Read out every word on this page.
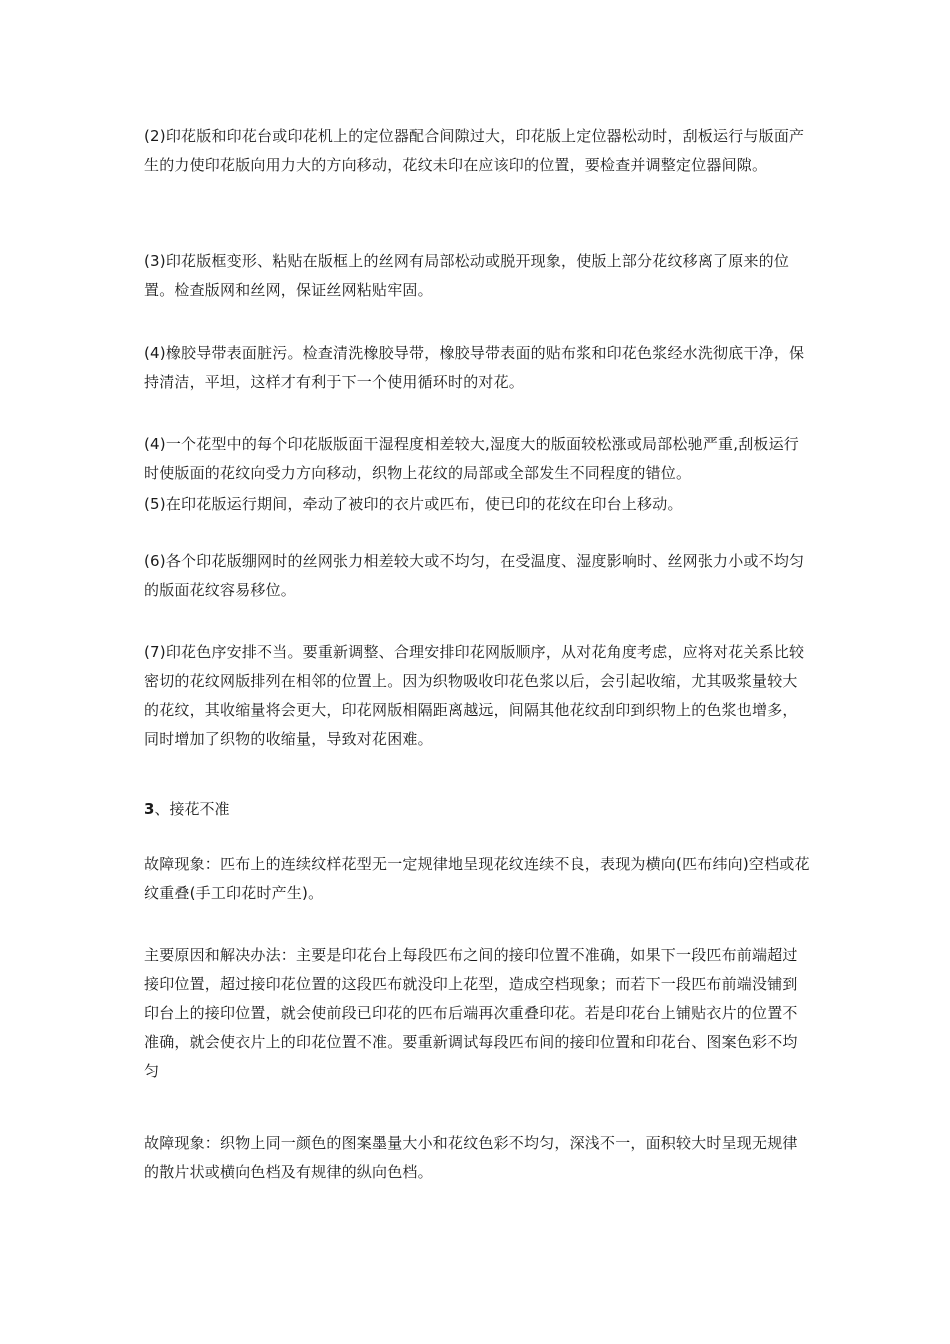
(2)印花版和印花台或印花机上的定位器配合间隙过大，印花版上定位器松动时，刮板运行与版面产生的力使印花版向用力大的方向移动，花纹未印在应该印的位置，要检查并调整定位器间隙。

(3)印花版框变形、粘贴在版框上的丝网有局部松动或脱开现象，使版上部分花纹移离了原来的位置。检查版网和丝网，保证丝网粘贴牢固。

(4)橡胶导带表面脏污。检查清洗橡胶导带，橡胶导带表面的贴布浆和印花色浆经水洗彻底干净，保持清洁，平坦，这样才有利于下一个使用循环时的对花。

(4)一个花型中的每个印花版版面干湿程度相差较大,湿度大的版面较松涨或局部松驰严重,刮板运行时使版面的花纹向受力方向移动，织物上花纹的局部或全部发生不同程度的错位。

(5)在印花版运行期间，牵动了被印的衣片或匹布，使已印的花纹在印台上移动。

(6)各个印花版绷网时的丝网张力相差较大或不均匀，在受温度、湿度影响时、丝网张力小或不均匀的版面花纹容易移位。

(7)印花色序安排不当。要重新调整、合理安排印花网版顺序，从对花角度考虑，应将对花关系比较密切的花纹网版排列在相邻的位置上。因为织物吸收印花色浆以后，会引起收缩，尤其吸浆量较大的花纹，其收缩量将会更大，印花网版相隔距离越远，间隔其他花纹刮印到织物上的色浆也增多，同时增加了织物的收缩量，导致对花困难。

3、接花不准

故障现象：匹布上的连续纹样花型无一定规律地呈现花纹连续不良，表现为横向(匹布纬向)空档或花纹重叠(手工印花时产生)。

主要原因和解决办法：主要是印花台上每段匹布之间的接印位置不准确，如果下一段匹布前端超过接印位置，超过接印花位置的这段匹布就没印上花型，造成空档现象；而若下一段匹布前端没铺到印台上的接印位置，就会使前段已印花的匹布后端再次重叠印花。若是印花台上铺贴衣片的位置不准确，就会使衣片上的印花位置不准。要重新调试每段匹布间的接印位置和印花台、图案色彩不均匀

故障现象：织物上同一颜色的图案墨量大小和花纹色彩不均匀，深浅不一，面积较大时呈现无规律的散片状或横向色档及有规律的纵向色档。
